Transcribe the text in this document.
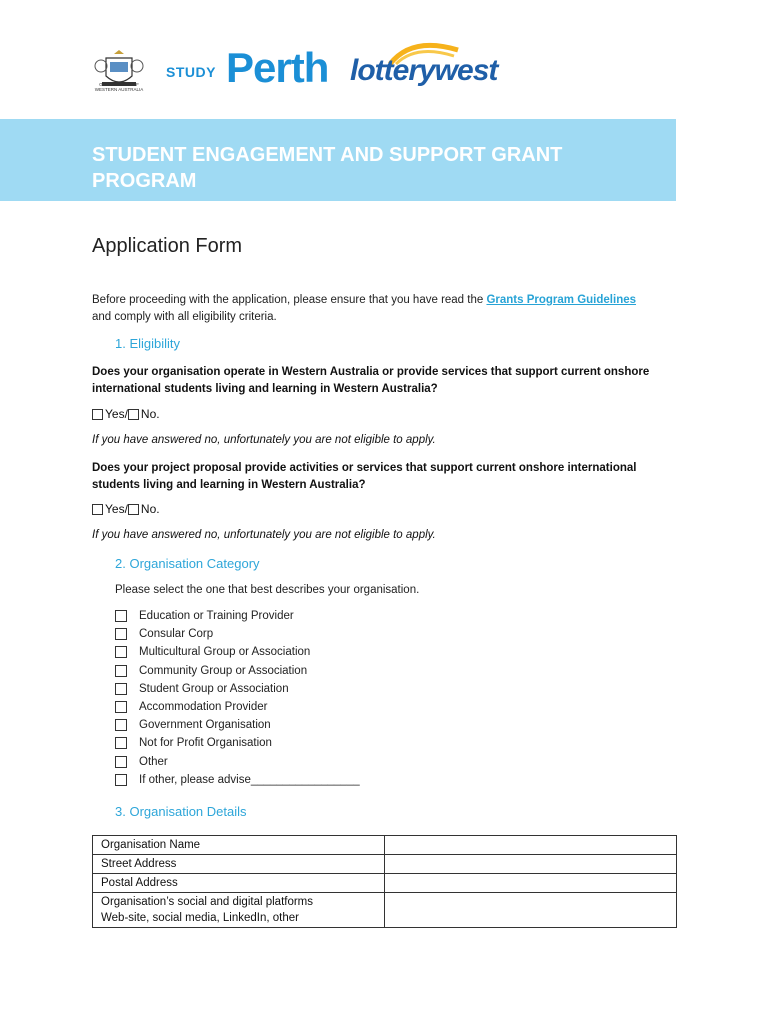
GOVERNMENT OF WESTERN AUSTRALIA
STUDY Perth lotterywest
STUDENT ENGAGEMENT AND SUPPORT GRANT PROGRAM
Application Form
Before proceeding with the application, please ensure that you have read the Grants Program Guidelines and comply with all eligibility criteria.
1. Eligibility
Does your organisation operate in Western Australia or provide services that support current onshore international students living and learning in Western Australia?
Yes/ No.
If you have answered no, unfortunately you are not eligible to apply.
Does your project proposal provide activities or services that support current onshore international students living and learning in Western Australia?
Yes/ No.
If you have answered no, unfortunately you are not eligible to apply.
2. Organisation Category
Please select the one that best describes your organisation.
Education or Training Provider
Consular Corp
Multicultural Group or Association
Community Group or Association
Student Group or Association
Accommodation Provider
Government Organisation
Not for Profit Organisation
Other
If other, please advise_________________
3. Organisation Details
Organisation Name	
Street Address	
Postal Address	

Organisation’s social and digital platforms
Web-site, social media, LinkedIn, other	
